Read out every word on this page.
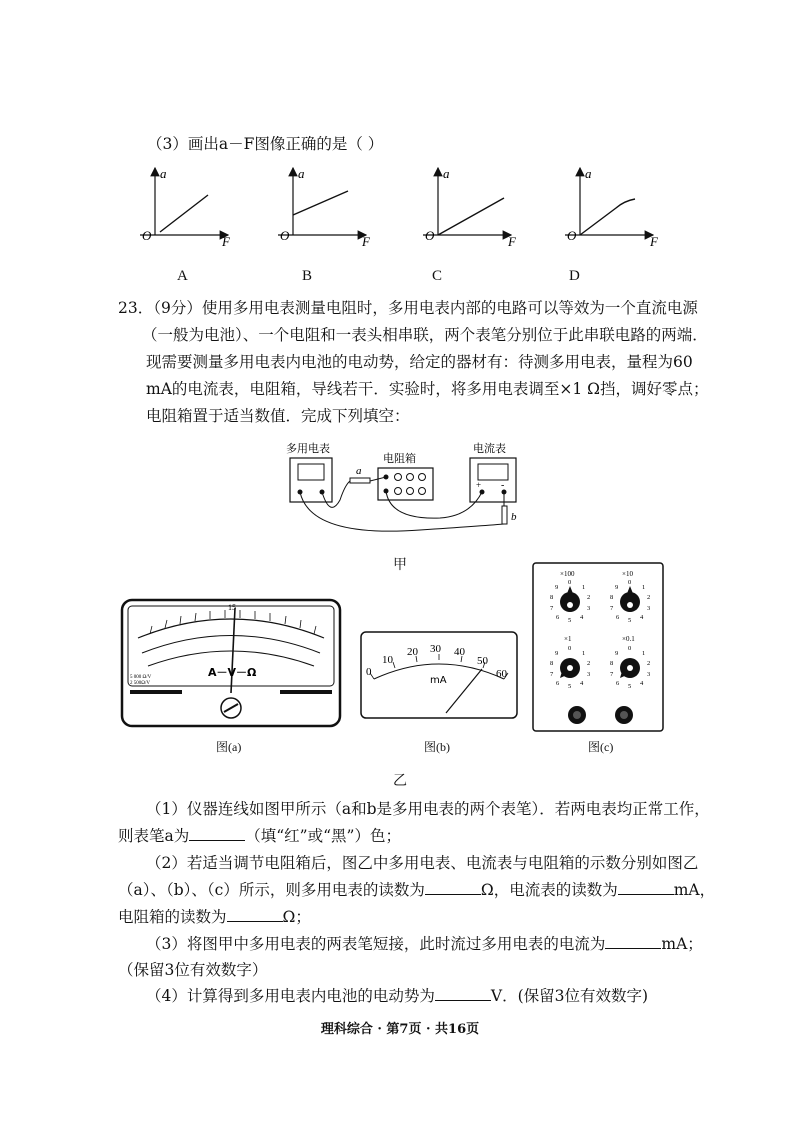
（3）画出a－F图像正确的是（ ）
a
O	F
a
O	F
a
O	F
a
O	F
A	B	C	D
23．（9分）使用多用电表测量电阻时，多用电表内部的电路可以等效为一个直流电源
（一般为电池）、一个电阻和一表头相串联，两个表笔分别位于此串联电路的两端．
现需要测量多用电表内电池的电动势，给定的器材有：待测多用电表，量程为60
mA的电流表，电阻箱，导线若干．实验时，将多用电表调至×1 Ω挡，调好零点；
电阻箱置于适当数值．完成下列填空：
多用电表
电阻箱
+ -
电流表
a
b
甲
15
A－V－Ω
5 000 Ω/V
2 500Ω/V
图(a)
0
10
20 30 40
50
60
mA
图(b)
×100	×10
×1	×0.1
0
1
2
3
4
5
6
7
8
9
0
1
2
3
4
5
6
7
8
9
0
1
2
3
4
5
6
7
8
9
0
1
2
3
4
5
6
7
8
9
图(c)
乙
（1）仪器连线如图甲所示（a和b是多用电表的两个表笔）．若两电表均正常工作，
则表笔a为	（填“红”或“黑”）色；
（2）若适当调节电阻箱后，图乙中多用电表、电流表与电阻箱的示数分别如图乙
（a）、（b）、（c）所示，则多用电表的读数为	Ω，电流表的读数为	mA，
电阻箱的读数为	Ω；
（3）将图甲中多用电表的两表笔短接，此时流过多用电表的电流为	mA；
（保留3位有效数字）
（4）计算得到多用电表内电池的电动势为	V．(保留3位有效数字)
理科综合 · 第7页 · 共16页
